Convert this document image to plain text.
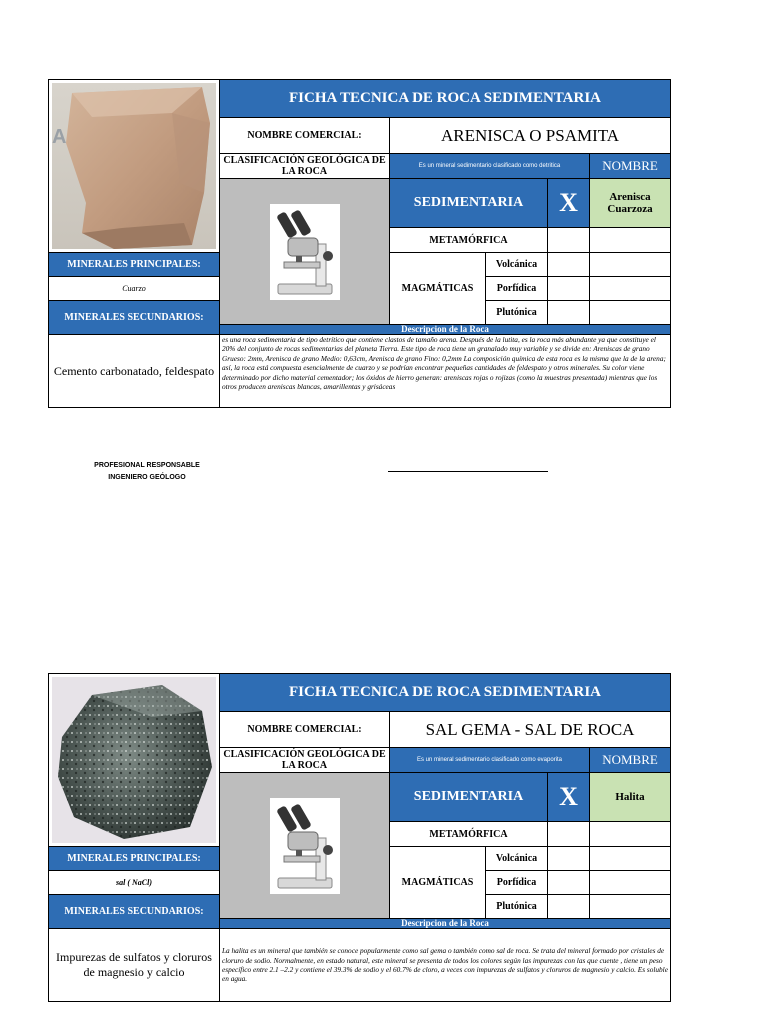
A	FICHA TECNICA DE ROCA SEDIMENTARIA				
	NOMBRE COMERCIAL:	ARENISCA O PSAMITA			
	CLASIFICACIÓN GEOLÓGICA DE LA ROCA	Es un mineral sedimentario clasificado como detritica			NOMBRE

	SEDIMENTARIA		X	Arenisca Cuarzoza
		METAMÓRFICA			
MINERALES PRINCIPALES:		MAGMÁTICAS	Volcánica		
Cuarzo			Porfídica		
MINERALES SECUNDARIOS:			Plutónica		
	Descripcion de la Roca				
Cemento carbonatado, feldespato	es una roca sedimentaria de tipo detrítico que contiene clastos de tamaño arena. Después de la lutita, es la roca más abundante ya que constituye el 20% del conjunto de rocas sedimentarias del planeta Tierra. Este tipo de roca tiene un granalado muy variable y se divide en: Areniscas de grano Grueso: 2mm, Arenisca de grano Medio: 0,63cm, Arenisca de grano Fino: 0,2mm La composición química de esta roca es la misma que la de la arena; así, la roca está compuesta esencialmente de cuarzo y se podrían encontrar pequeñas cantidades de feldespato y otros minerales. Su color viene determinado por dicho material cementador; los óxidos de hierro generan: areniscas rojas o rojizas (como la muestras presentada) mientras que los otros producen areniscas blancas, amarillentas y grisáceas				
PROFESIONAL RESPONSABLE
INGENIERO GEÓLOGO
	FICHA TECNICA DE ROCA SEDIMENTARIA				
	NOMBRE COMERCIAL:	SAL GEMA - SAL DE ROCA			
	CLASIFICACIÓN GEOLÓGICA DE LA ROCA	Es un mineral sedimentario clasificado como evaporita			NOMBRE

	SEDIMENTARIA		X	Halita
		METAMÓRFICA			
MINERALES PRINCIPALES:		MAGMÁTICAS	Volcánica		
sal ( NaCl)			Porfídica		
MINERALES SECUNDARIOS:			Plutónica		
	Descripcion de la Roca				
Impurezas de sulfatos y cloruros de magnesio y calcio	La halita es un mineral que también se conoce popularmente como sal gema o también como sal de roca. Se trata del mineral formado por cristales de cloruro de sodio. Normalmente, en estado natural, este mineral se presenta de todos los colores según las impurezas con las que cuente , tiene un peso específico entre 2.1 –2.2 y contiene el 39.3% de sodio y el 60.7% de cloro, a veces con impurezas de sulfatos y cloruros de magnesio y calcio. Es soluble en agua.				
